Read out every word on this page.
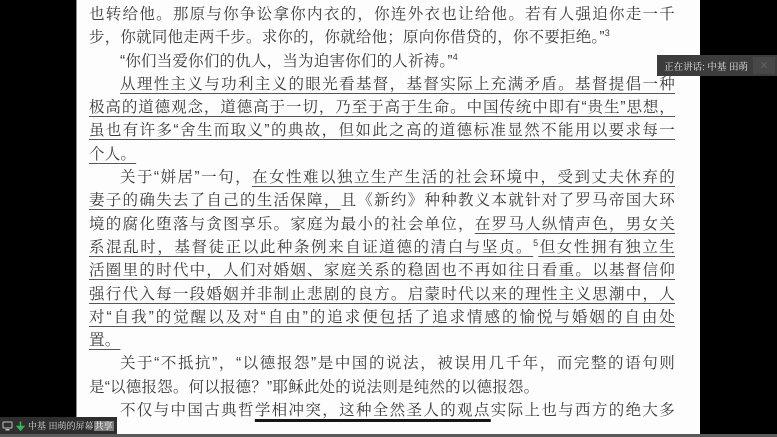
也转给他。那原与你争讼拿你内衣的，你连外衣也让给他。若有人强迫你走一千
步，你就同他走两千步。求你的，你就给他；原向你借贷的，你不要拒绝。”$^3$
“你们当爱你们的仇人，当为迫害你们的人祈祷。”$^4$
从理性主义与功利主义的眼光看基督，基督实际上充满矛盾。基督提倡一种
极高的道德观念，道德高于一切，乃至于高于生命。中国传统中即有“贵生”思想，
虽也有许多“舍生而取义”的典故，但如此之高的道德标准显然不能用以要求每一
个人。
关于“姘居”一句，在女性难以独立生产生活的社会环境中，受到丈夫休弃的
妻子的确失去了自己的生活保障，且《新约》种种教义本就针对了罗马帝国大环
境的腐化堕落与贪图享乐。家庭为最小的社会单位，在罗马人纵情声色，男女关
系混乱时，基督徒正以此种条例来自证道德的清白与坚贞。$^5$但女性拥有独立生
活圈里的时代中，人们对婚姻、家庭关系的稳固也不再如往日看重。以基督信仰
强行代入每一段婚姻并非制止悲剧的良方。启蒙时代以来的理性主义思潮中，人
对“自我”的觉醒以及对“自由”的追求便包括了追求情感的愉悦与婚姻的自由处
置。
关于“不抵抗”，“以德报怨”是中国的说法，被误用几千年，而完整的语句则
是“以德报怨。何以报德？”耶稣此处的说法则是纯然的以德报怨。
不仅与中国古典哲学相冲突，这种全然圣人的观点实际上也与西方的绝大多
正在讲话: 中基 田萌	✕
中基 田萌的屏幕共享
